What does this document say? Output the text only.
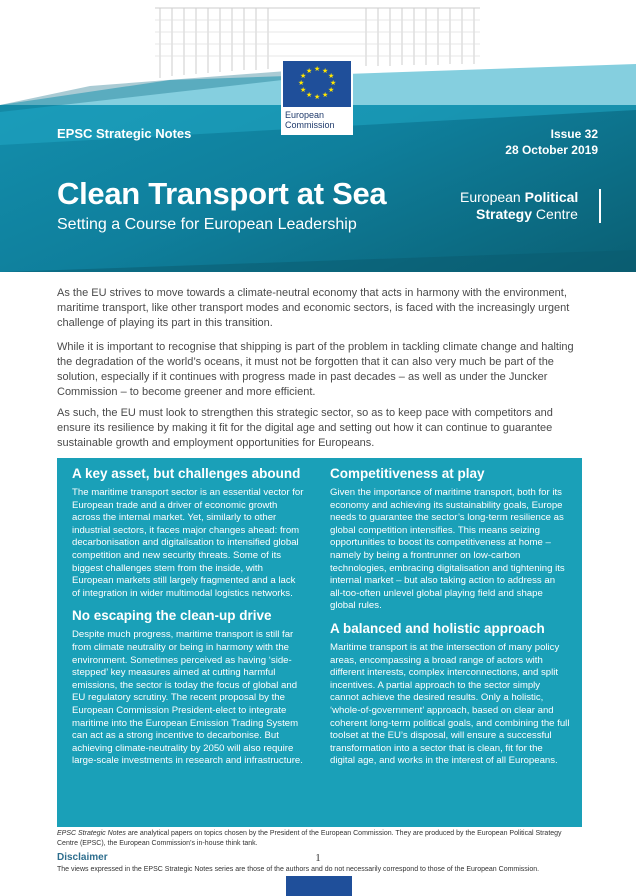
★ ★
★
★
★
★
★
★
★
★
★
★
European
Commission
EPSC Strategic Notes	Issue 32
28 October 2019
Clean Transport at Sea
Setting a Course for European Leadership
European Political
Strategy Centre

As the EU strives to move towards a climate-neutral economy that acts in harmony with the environment, maritime transport, like other transport modes and economic sectors, is faced with the increasingly urgent challenge of playing its part in this transition.

While it is important to recognise that shipping is part of the problem in tackling climate change and halting the degradation of the world’s oceans, it must not be forgotten that it can also very much be part of the solution, especially if it continues with progress made in past decades – as well as under the Juncker Commission – to become greener and more efficient.

As such, the EU must look to strengthen this strategic sector, so as to keep pace with competitors and ensure its resilience by making it fit for the digital age and setting out how it can continue to guarantee sustainable growth and employment opportunities for Europeans.

A key asset, but challenges abound

The maritime transport sector is an essential vector for European trade and a driver of economic growth across the internal market. Yet, similarly to other industrial sectors, it faces major changes ahead: from decarbonisation and digitalisation to intensified global competition and new security threats. Some of its biggest challenges stem from the inside, with European markets still largely fragmented and a lack of integration in wider multimodal logistics networks.

No escaping the clean-up drive

Despite much progress, maritime transport is still far from climate neutrality or being in harmony with the environment. Sometimes perceived as having ‘side-stepped’ key measures aimed at cutting harmful emissions, the sector is today the focus of global and EU regulatory scrutiny. The recent proposal by the European Commission President-elect to integrate maritime into the European Emission Trading System can act as a strong incentive to decarbonise. But achieving climate-neutrality by 2050 will also require large-scale investments in research and infrastructure.

Competitiveness at play

Given the importance of maritime transport, both for its economy and achieving its sustainability goals, Europe needs to guarantee the sector’s long-term resilience as global competition intensifies. This means seizing opportunities to boost its competitiveness at home – namely by being a frontrunner on low-carbon technologies, embracing digitalisation and tightening its internal market – but also taking action to address an all-too-often unlevel global playing field and shape global rules.

A balanced and holistic approach

Maritime transport is at the intersection of many policy areas, encompassing a broad range of actors with different interests, complex interconnections, and split incentives. A partial approach to the sector simply cannot achieve the desired results. Only a holistic, ‘whole-of-government’ approach, based on clear and coherent long-term political goals, and combining the full toolset at the EU’s disposal, will ensure a successful transformation into a sector that is clean, fit for the digital age, and works in the interest of all Europeans.

EPSC Strategic Notes are analytical papers on topics chosen by the President of the European Commission. They are produced by the European Political Strategy Centre (EPSC), the European Commission’s in-house think tank.
Disclaimer
The views expressed in the EPSC Strategic Notes series are those of the authors and do not necessarily correspond to those of the European Commission.
1
